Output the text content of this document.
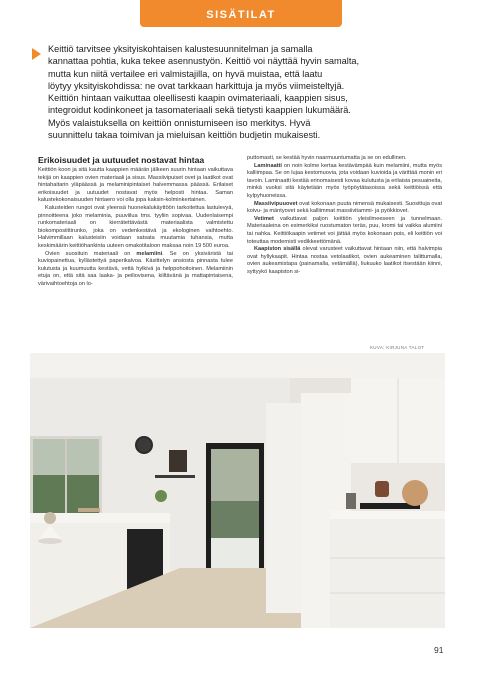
SISÄTILAT

Keittiö tarvitsee yksityiskohtaisen kalustesuunnitelman ja samalla

kannattaa pohtia, kuka tekee asennustyön. Keittiö voi näyttää hyvin samalta,

mutta kun niitä vertailee eri valmistajilla, on hyvä muistaa, että laatu

löytyy yksityiskohdissa: ne ovat tarkkaan harkittuja ja myös viimeisteltyjä.

Keittiön hintaan vaikuttaa oleellisesti kaapin ovimateriaali, kaappien sisus,

integroidut kodinkoneet ja tasomateriaali sekä tietysti kaappien lukumäärä.

Myös valaistuksella on keittiön onnistumiseen iso merkitys. Hyvä

suunnittelu takaa toimivan ja mieluisan keittiön budjetin mukaisesti.

Erikoisuudet ja uutuudet nostavat hintaa

Keittiön koon ja sitä kautta kaappien määrän jälkeen suurin hintaan vaikuttava tekijä on kaappien ovien materiaali ja sisus. Massiivipuiset ovet ja laatikot ovat hintahaitarin yläpäässä ja melaminipintaiset halvemmassa päässä. Erilaiset erikoisuudet ja uutuudet nostavat myös helposti hintaa. Saman kalustekokonaisuuden hintaero voi olla jopa kaksin-kolminkertainen.

Kalusteiden rungot ovat yleensä huonekalukäyttöön tarkoitettua lastulevyä, pinnoitteena joko melaminia, puuviilua tms. tyyliin sopivaa. Uudenlaisempi runkomateriaali on kierrätettävästä materiaalista valmistettu biokomposiittirunko, joka on vedenkestävä ja ekologinen vaihtoehto. Halvimmillaan kalusteisiin voidaan satsata muutamia tuhansia, mutta keskimäärin keittiöhankinta uuteen omakotitaloon maksaa noin 19 500 euroa.

Ovien suosituin materiaali on melamiini. Se on yksiväristä tai kuviopainettua, kyllästettyä paperikalvoa. Käsittelyn ansiosta pinnasta tulee kulutusta ja kuumuutta kestävä, vettä hylkivä ja helppohoitoinen. Melamiinin etuja on, että sitä saa laaka- ja peiliovisena, kiiltävänä ja mattapintaisena, värivaihtoehtoja on lo-

puttomasti, se kestää hyvin naarmuuntumatta ja se on edullinen.

Laminaatti on noin kolme kertaa kestävämpää kuin melamiini, mutta myös kalliimpaa. Se on lujaa kestomuovia, jota voidaan kuvioida ja värittää monin eri tavoin. Laminaatti kestää erinomaisesti kovaa kulutusta ja erilaisia pesuaineita, minkä vuoksi sitä käytetään myös työpöytätasoissa sekä keittiöissä että kylpyhuoneissa.

Massiivipuuovet ovat kokonaan puuta nimensä mukaisesti. Suosittuja ovat koivu- ja mäntyovet sekä kalliimmat massiivitammi- ja pyökkiovet.

Vetimet vaikuttavat paljon keittiön yleisilmeeseen ja tunnelmaan. Materiaaleina on esimerkiksi ruostumaton teräs, puu, kromi tai vaikka alumiini tai nahka. Keittiökaapin vetimet voi jättää myös kokonaan pois, eli keittiön voi toteuttaa modernisti vedikkeettömänä.

Kaapiston sisällä olevat varusteet vaikuttavat hintaan niin, että halvimpia ovat hyllykaapit. Hintaa nostaa vetolaatikot, ovien aukeaminen talittumalla, ovien aukeamistapa (painamalla, vetämällä), liukuuko laatikot itsestään kiinni, syttyykö kaapiston si-

KUVA: KIRJUNA TALOT
91
